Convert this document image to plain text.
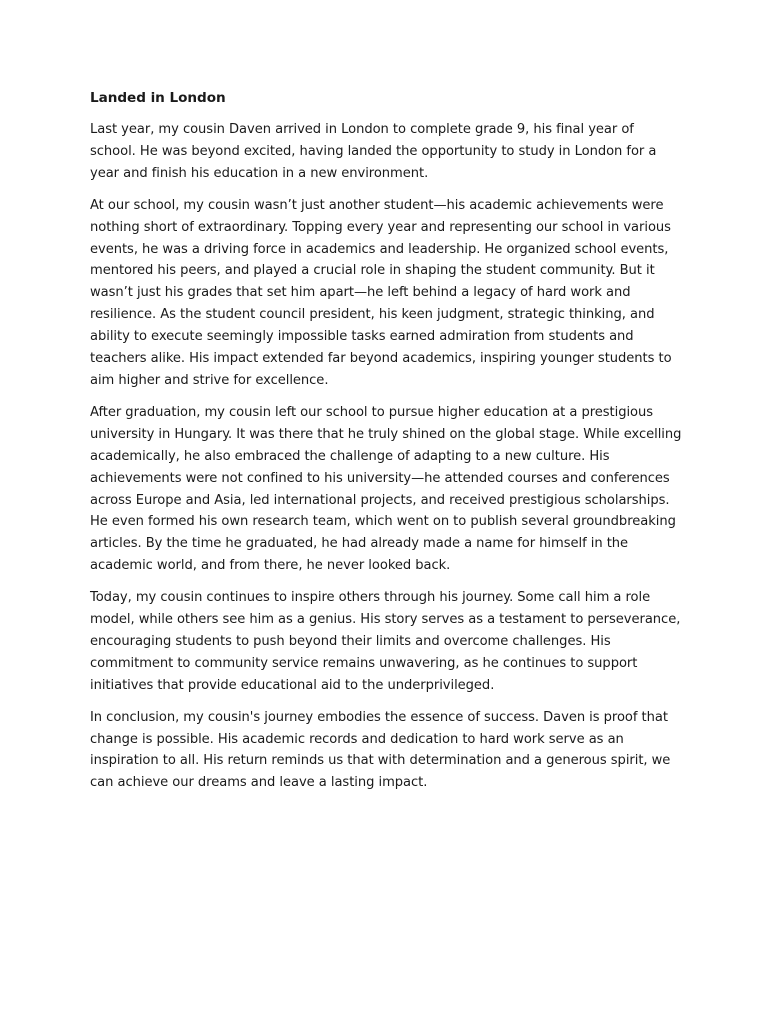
Landed in London

Last year, my cousin Daven arrived in London to complete grade 9, his final year of school. He was beyond excited, having landed the opportunity to study in London for a year and finish his education in a new environment.

At our school, my cousin wasn’t just another student—his academic achievements were nothing short of extraordinary. Topping every year and representing our school in various events, he was a driving force in academics and leadership. He organized school events, mentored his peers, and played a crucial role in shaping the student community. But it wasn’t just his grades that set him apart—he left behind a legacy of hard work and resilience. As the student council president, his keen judgment, strategic thinking, and ability to execute seemingly impossible tasks earned admiration from students and teachers alike. His impact extended far beyond academics, inspiring younger students to aim higher and strive for excellence.

After graduation, my cousin left our school to pursue higher education at a prestigious university in Hungary. It was there that he truly shined on the global stage. While excelling academically, he also embraced the challenge of adapting to a new culture. His achievements were not confined to his university—he attended courses and conferences across Europe and Asia, led international projects, and received prestigious scholarships. He even formed his own research team, which went on to publish several groundbreaking articles. By the time he graduated, he had already made a name for himself in the academic world, and from there, he never looked back.

Today, my cousin continues to inspire others through his journey. Some call him a role model, while others see him as a genius. His story serves as a testament to perseverance, encouraging students to push beyond their limits and overcome challenges. His commitment to community service remains unwavering, as he continues to support initiatives that provide educational aid to the underprivileged.

In conclusion, my cousin's journey embodies the essence of success. Daven is proof that change is possible. His academic records and dedication to hard work serve as an inspiration to all. His return reminds us that with determination and a generous spirit, we can achieve our dreams and leave a lasting impact.
